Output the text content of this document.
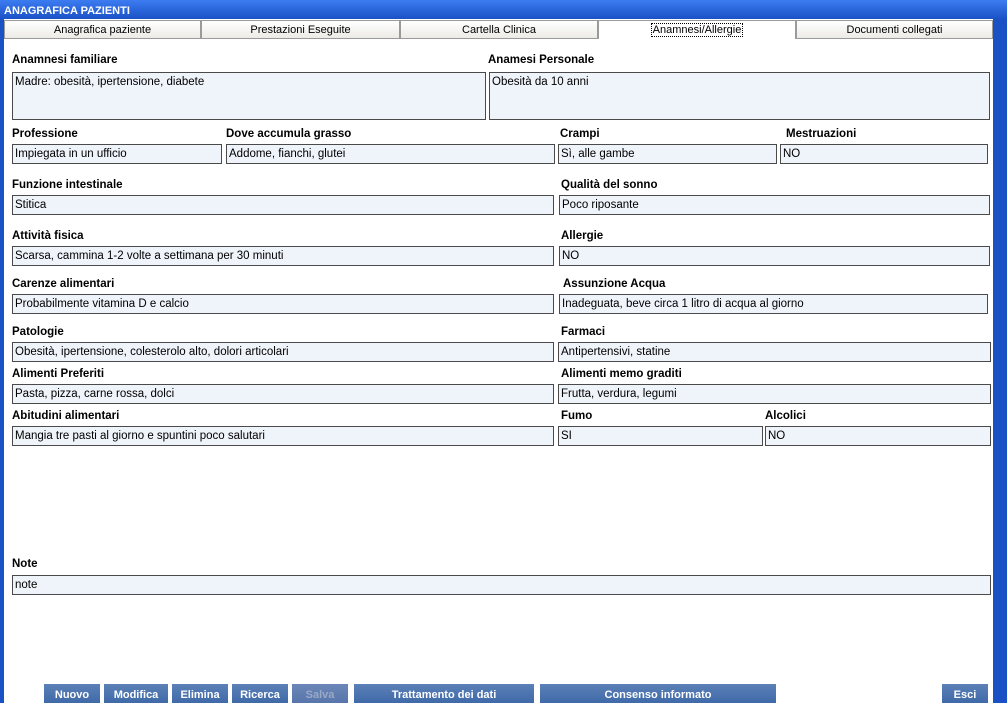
ANAGRAFICA PAZIENTI
Anagrafica paziente	Prestazioni Eseguite	Cartella Clinica	Anamnesi/Allergie	Documenti collegati
Anamnesi familiare
Madre: obesità, ipertensione, diabete
Anamesi Personale
Obesità da 10 anni
Professione
Impiegata in un ufficio
Dove accumula grasso
Addome, fianchi, glutei
Crampi
Sì, alle gambe
Mestruazioni
NO
Funzione intestinale
Stitica
Qualità del sonno
Poco riposante
Attività fisica
Scarsa, cammina 1-2 volte a settimana per 30 minuti
Allergie
NO
Carenze alimentari
Probabilmente vitamina D e calcio
Assunzione Acqua
Inadeguata, beve circa 1 litro di acqua al giorno
Patologie
Obesità, ipertensione, colesterolo alto, dolori articolari
Farmaci
Antipertensivi, statine
Alimenti Preferiti
Pasta, pizza, carne rossa, dolci
Alimenti memo graditi
Frutta, verdura, legumi
Abitudini alimentari
Mangia tre pasti al giorno e spuntini poco salutari
Fumo
SI
Alcolici
NO
Note
note
Nuovo	Modifica	Elimina	Ricerca	Salva	Trattamento dei dati	Consenso informato	Esci
